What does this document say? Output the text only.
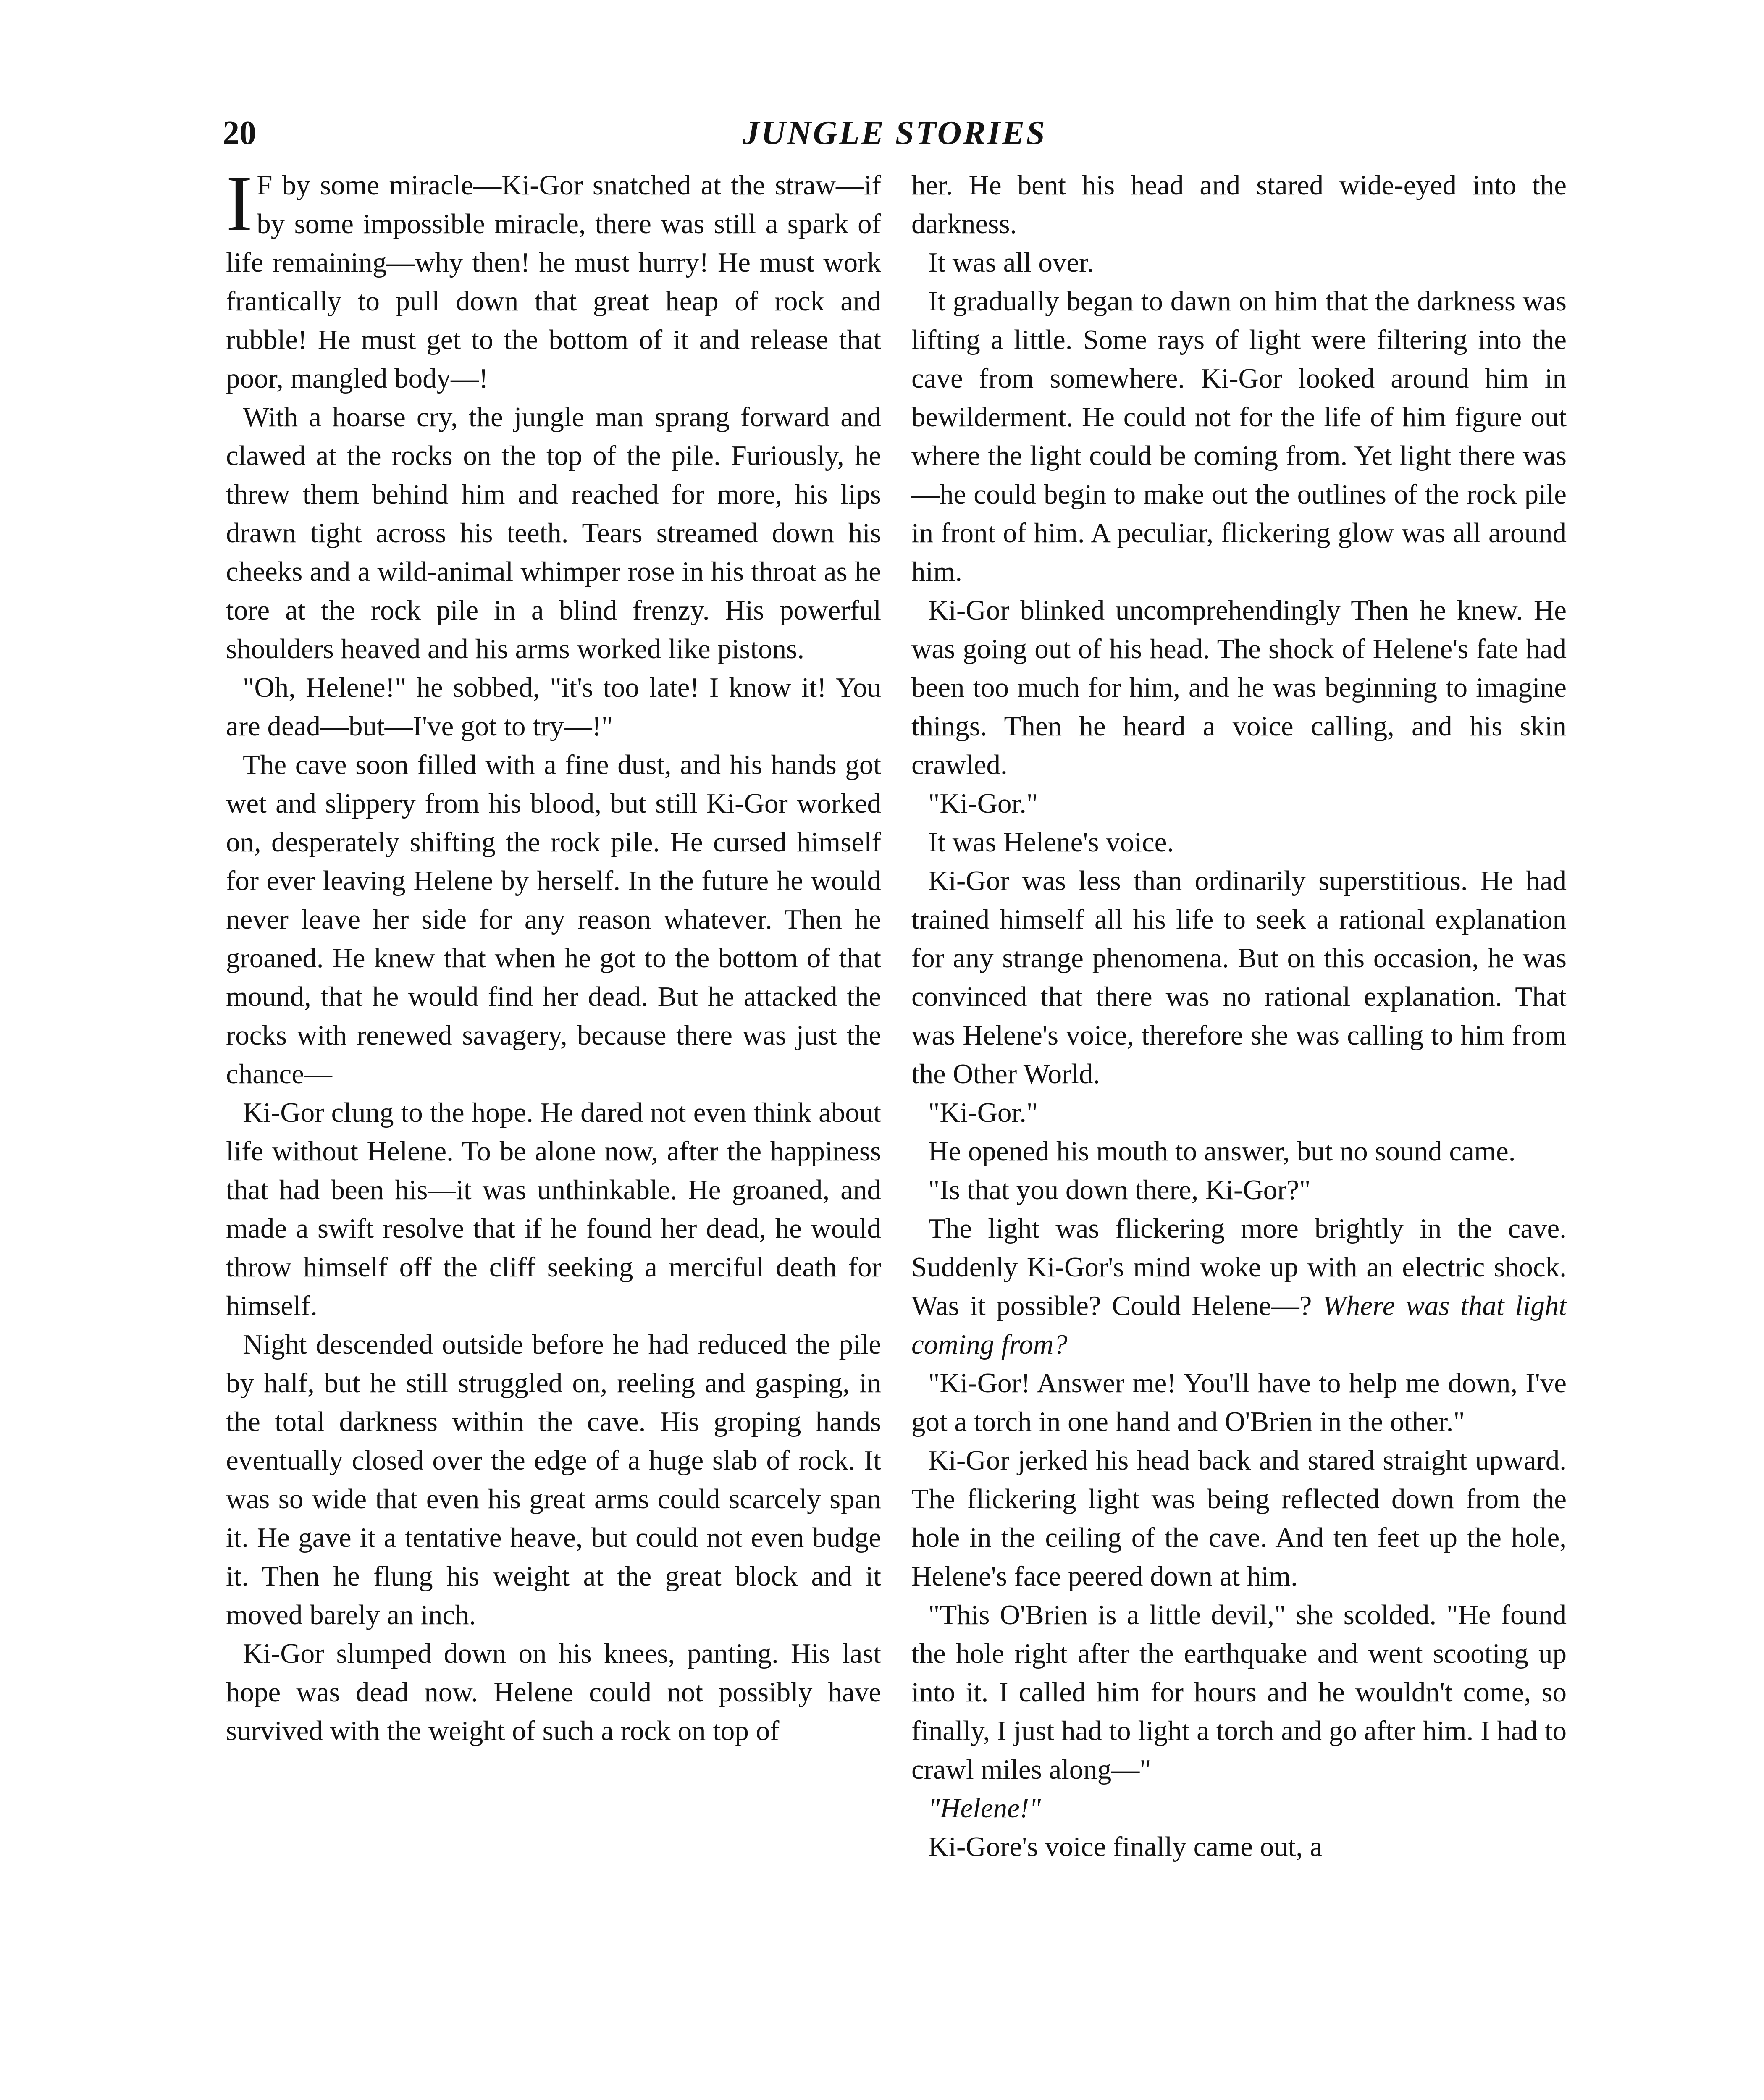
20	JUNGLE STORIES

I F by some miracle—Ki-Gor snatched at the straw—if by some impossible miracle, there was still a spark of life remaining—why then! he must hurry! He must work frantically to pull down that great heap of rock and rubble! He must get to the bottom of it and release that poor, mangled body—!

With a hoarse cry, the jungle man sprang forward and clawed at the rocks on the top of the pile. Furiously, he threw them behind him and reached for more, his lips drawn tight across his teeth. Tears streamed down his cheeks and a wild-animal whimper rose in his throat as he tore at the rock pile in a blind frenzy. His powerful shoulders heaved and his arms worked like pistons.

"Oh, Helene!" he sobbed, "it's too late! I know it! You are dead—but—I've got to try—!"

The cave soon filled with a fine dust, and his hands got wet and slippery from his blood, but still Ki-Gor worked on, desperately shifting the rock pile. He cursed himself for ever leaving Helene by herself. In the future he would never leave her side for any reason whatever. Then he groaned. He knew that when he got to the bottom of that mound, that he would find her dead. But he attacked the rocks with renewed savagery, because there was just the chance—

Ki-Gor clung to the hope. He dared not even think about life without Helene. To be alone now, after the happiness that had been his—it was unthinkable. He groaned, and made a swift resolve that if he found her dead, he would throw himself off the cliff seeking a merciful death for himself.

Night descended outside before he had reduced the pile by half, but he still struggled on, reeling and gasping, in the total darkness within the cave. His groping hands eventually closed over the edge of a huge slab of rock. It was so wide that even his great arms could scarcely span it. He gave it a tentative heave, but could not even budge it. Then he flung his weight at the great block and it moved barely an inch.

Ki-Gor slumped down on his knees, panting. His last hope was dead now. Helene could not possibly have survived with the weight of such a rock on top of

her. He bent his head and stared wide-eyed into the darkness.

It was all over.

It gradually began to dawn on him that the darkness was lifting a little. Some rays of light were filtering into the cave from somewhere. Ki-Gor looked around him in bewilderment. He could not for the life of him figure out where the light could be coming from. Yet light there was—he could begin to make out the outlines of the rock pile in front of him. A peculiar, flickering glow was all around him.

Ki-Gor blinked uncomprehendingly Then he knew. He was going out of his head. The shock of Helene's fate had been too much for him, and he was beginning to imagine things. Then he heard a voice calling, and his skin crawled.

"Ki-Gor."

It was Helene's voice.

Ki-Gor was less than ordinarily superstitious. He had trained himself all his life to seek a rational explanation for any strange phenomena. But on this occasion, he was convinced that there was no rational explanation. That was Helene's voice, therefore she was calling to him from the Other World.

"Ki-Gor."

He opened his mouth to answer, but no sound came.

"Is that you down there, Ki-Gor?"

The light was flickering more brightly in the cave. Suddenly Ki-Gor's mind woke up with an electric shock. Was it possible? Could Helene—? Where was that light coming from?

"Ki-Gor! Answer me! You'll have to help me down, I've got a torch in one hand and O'Brien in the other."

Ki-Gor jerked his head back and stared straight upward. The flickering light was being reflected down from the hole in the ceiling of the cave. And ten feet up the hole, Helene's face peered down at him.

"This O'Brien is a little devil," she scolded. "He found the hole right after the earthquake and went scooting up into it. I called him for hours and he wouldn't come, so finally, I just had to light a torch and go after him. I had to crawl miles along—"

"Helene!"

Ki-Gore's voice finally came out, a
